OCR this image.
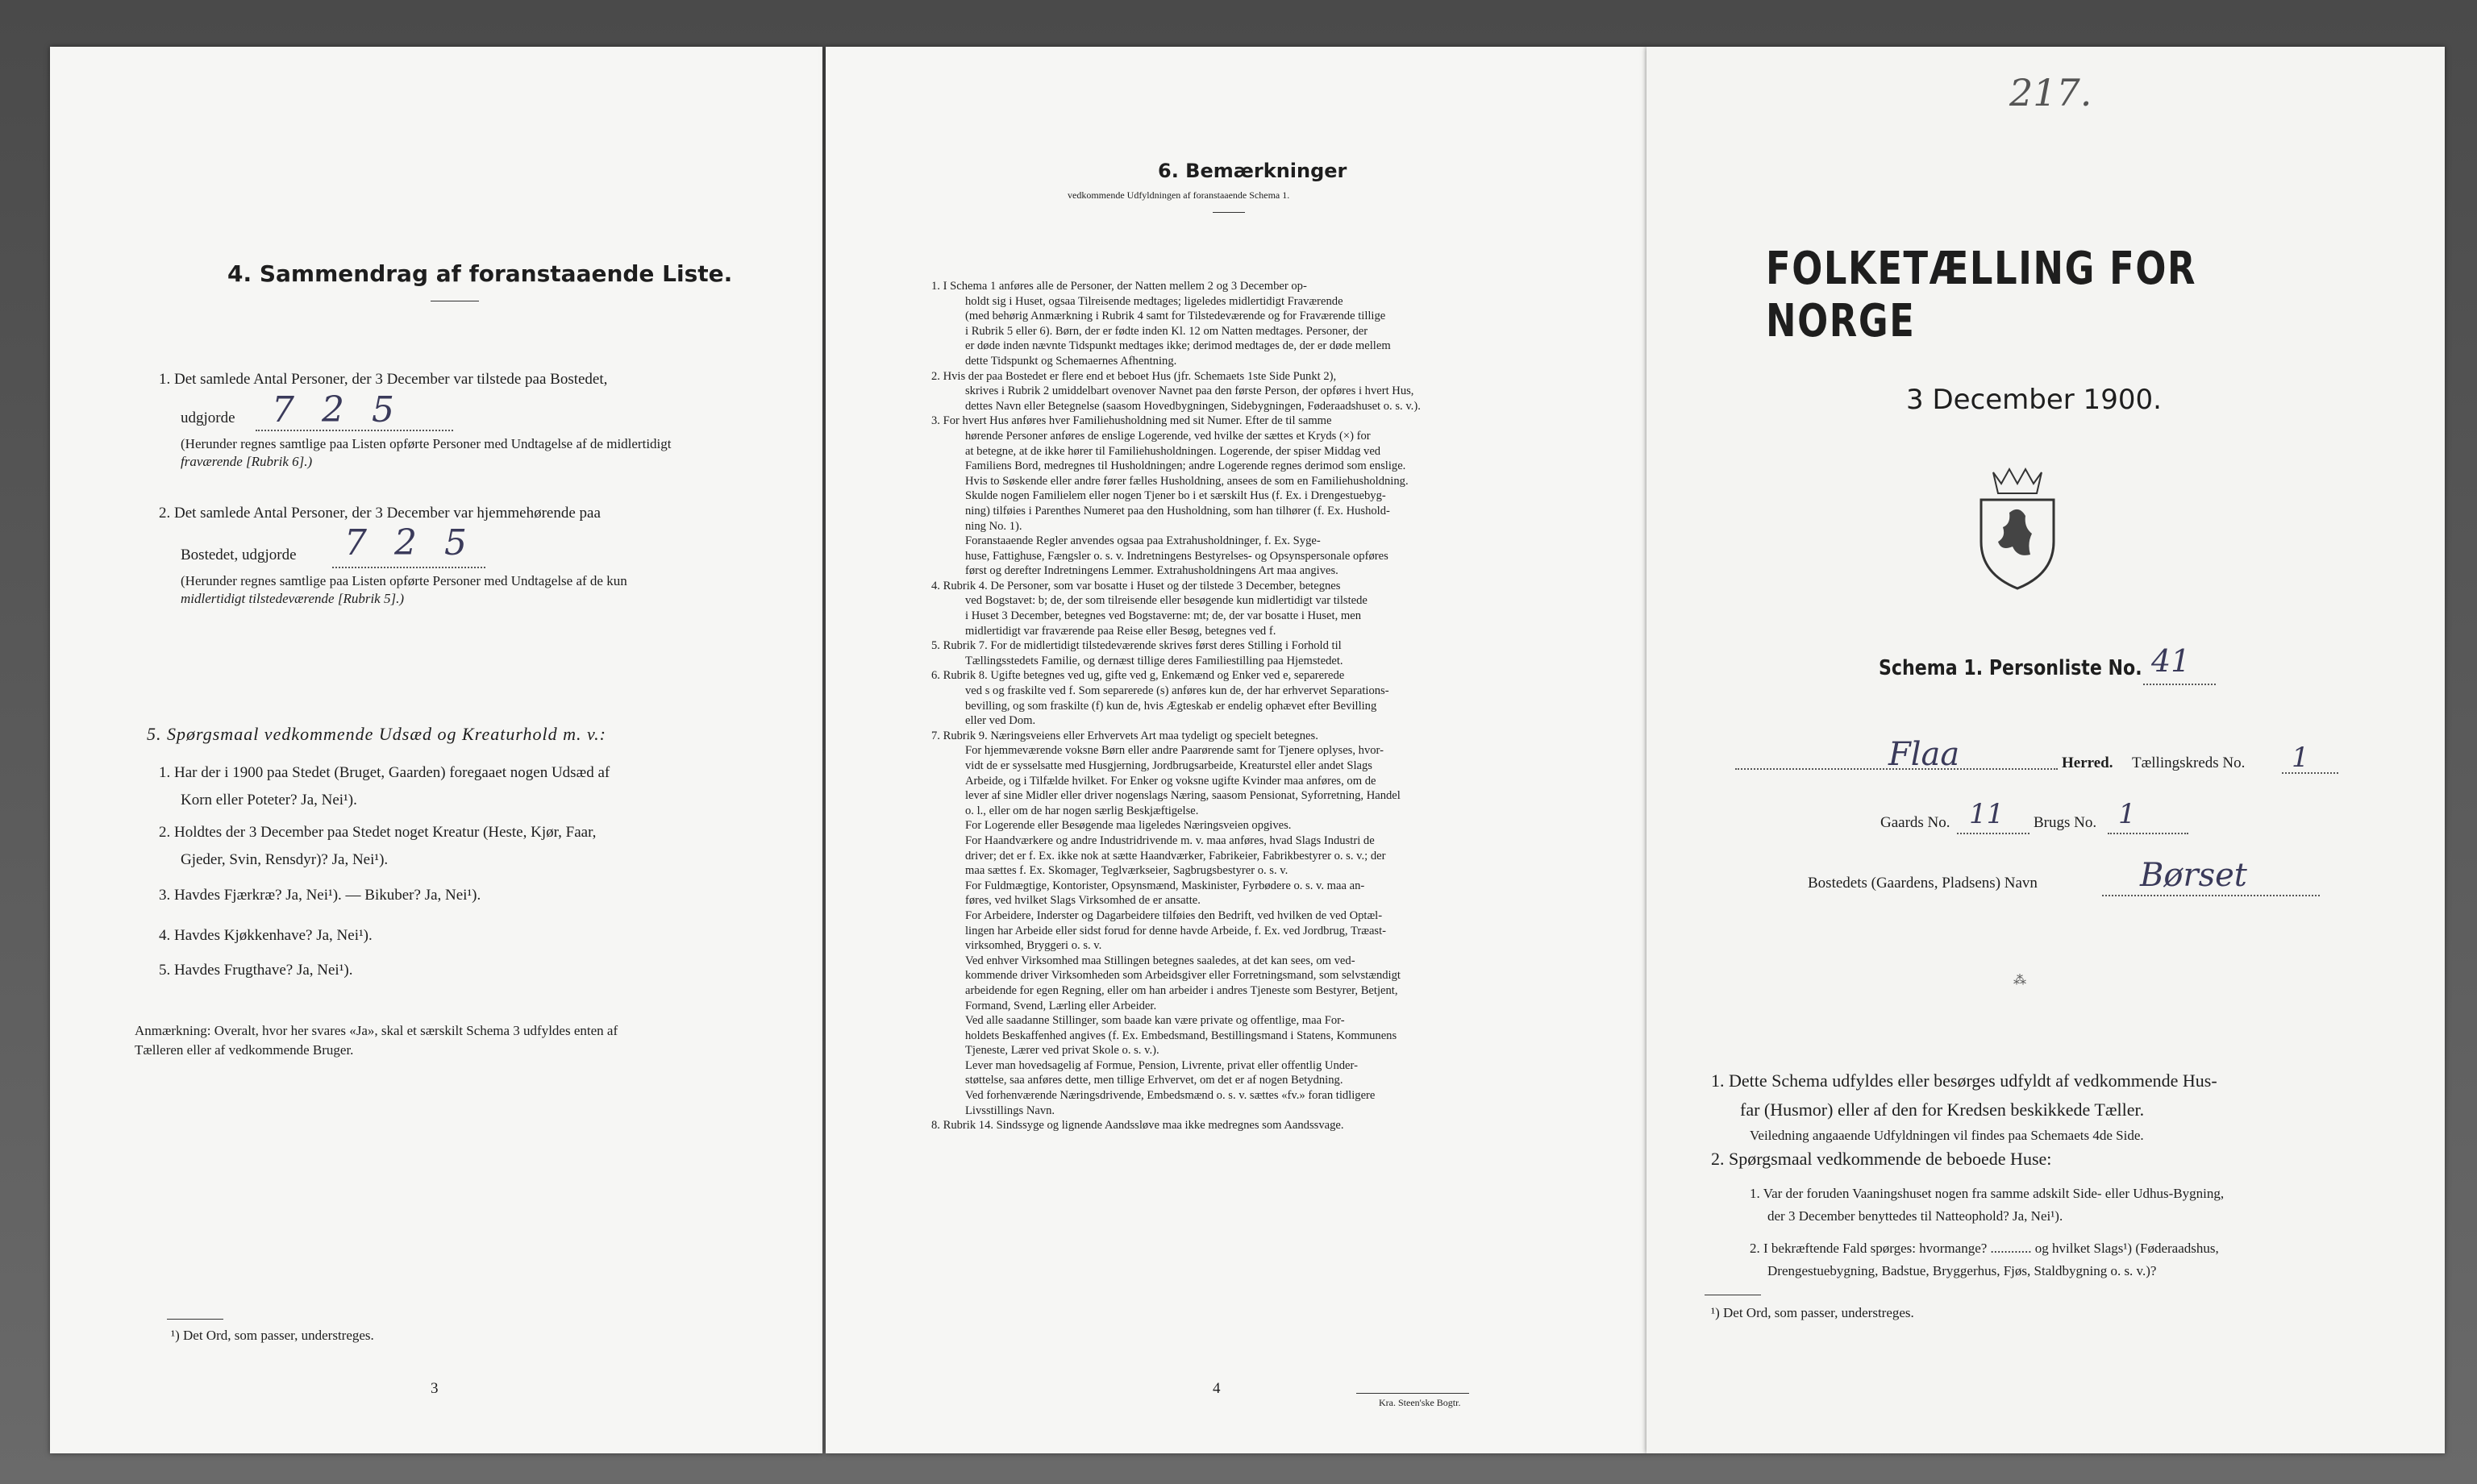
4. Sammendrag af foranstaaende Liste.
1. Det samlede Antal Personer, der 3 December var tilstede paa Bostedet,
udgjorde 7 2 5
(Herunder regnes samtlige paa Listen opførte Personer med Undtagelse af de midlertidigt
fraværende [Rubrik 6].)
2. Det samlede Antal Personer, der 3 December var hjemmehørende paa
Bostedet, udgjorde 7 2 5
(Herunder regnes samtlige paa Listen opførte Personer med Undtagelse af de kun
midlertidigt tilstedeværende [Rubrik 5].)
5. Spørgsmaal vedkommende Udsæd og Kreaturhold m. v.:
1. Har der i 1900 paa Stedet (Bruget, Gaarden) foregaaet nogen Udsæd af
Korn eller Poteter? Ja, Nei¹).
2. Holdtes der 3 December paa Stedet noget Kreatur (Heste, Kjør, Faar,
Gjeder, Svin, Rensdyr)? Ja, Nei¹).
3. Havdes Fjærkræ? Ja, Nei¹). — Bikuber? Ja, Nei¹).
4. Havdes Kjøkkenhave? Ja, Nei¹).
5. Havdes Frugthave? Ja, Nei¹).
Anmærkning: Overalt, hvor her svares «Ja», skal et særskilt Schema 3 udfyldes enten af
Tælleren eller af vedkommende Bruger.
¹) Det Ord, som passer, understreges.
3
6. Bemærkninger
vedkommende Udfyldningen af foranstaaende Schema 1.
1. I Schema 1 anføres alle de Personer, der Natten mellem 2 og 3 December op-
holdt sig i Huset, ogsaa Tilreisende medtages; ligeledes midlertidigt Fraværende
(med behørig Anmærkning i Rubrik 4 samt for Tilstedeværende og for Fraværende tillige
i Rubrik 5 eller 6). Børn, der er fødte inden Kl. 12 om Natten medtages. Personer, der
er døde inden nævnte Tidspunkt medtages ikke; derimod medtages de, der er døde mellem
dette Tidspunkt og Schemaernes Afhentning.
2. Hvis der paa Bostedet er flere end et beboet Hus (jfr. Schemaets 1ste Side Punkt 2),
skrives i Rubrik 2 umiddelbart ovenover Navnet paa den første Person, der opføres i hvert Hus,
dettes Navn eller Betegnelse (saasom Hovedbygningen, Sidebygningen, Føderaadshuset o. s. v.).
3. For hvert Hus anføres hver Familiehusholdning med sit Numer. Efter de til samme
hørende Personer anføres de enslige Logerende, ved hvilke der sættes et Kryds (×) for
at betegne, at de ikke hører til Familiehusholdningen. Logerende, der spiser Middag ved
Familiens Bord, medregnes til Husholdningen; andre Logerende regnes derimod som enslige.
Hvis to Søskende eller andre fører fælles Husholdning, ansees de som en Familiehusholdning.
Skulde nogen Familielem eller nogen Tjener bo i et særskilt Hus (f. Ex. i Drengestuebyg-
ning) tilføies i Parenthes Numeret paa den Husholdning, som han tilhører (f. Ex. Hushold-
ning No. 1).
Foranstaaende Regler anvendes ogsaa paa Extrahusholdninger, f. Ex. Syge-
huse, Fattighuse, Fængsler o. s. v. Indretningens Bestyrelses- og Opsynspersonale opføres
først og derefter Indretningens Lemmer. Extrahusholdningens Art maa angives.
4. Rubrik 4. De Personer, som var bosatte i Huset og der tilstede 3 December, betegnes
ved Bogstavet: b; de, der som tilreisende eller besøgende kun midlertidigt var tilstede
i Huset 3 December, betegnes ved Bogstaverne: mt; de, der var bosatte i Huset, men
midlertidigt var fraværende paa Reise eller Besøg, betegnes ved f.
5. Rubrik 7. For de midlertidigt tilstedeværende skrives først deres Stilling i Forhold til
Tællingsstedets Familie, og dernæst tillige deres Familiestilling paa Hjemstedet.
6. Rubrik 8. Ugifte betegnes ved ug, gifte ved g, Enkemænd og Enker ved e, separerede
ved s og fraskilte ved f. Som separerede (s) anføres kun de, der har erhvervet Separations-
bevilling, og som fraskilte (f) kun de, hvis Ægteskab er endelig ophævet efter Bevilling
eller ved Dom.
7. Rubrik 9. Næringsveiens eller Erhvervets Art maa tydeligt og specielt betegnes.
For hjemmeværende voksne Børn eller andre Paarørende samt for Tjenere oplyses, hvor-
vidt de er sysselsatte med Husgjerning, Jordbrugsarbeide, Kreaturstel eller andet Slags
Arbeide, og i Tilfælde hvilket. For Enker og voksne ugifte Kvinder maa anføres, om de
lever af sine Midler eller driver nogenslags Næring, saasom Pensionat, Syforretning, Handel
o. l., eller om de har nogen særlig Beskjæftigelse.
For Logerende eller Besøgende maa ligeledes Næringsveien opgives.
For Haandværkere og andre Industridrivende m. v. maa anføres, hvad Slags Industri de
driver; det er f. Ex. ikke nok at sætte Haandværker, Fabrikeier, Fabrikbestyrer o. s. v.; der
maa sættes f. Ex. Skomager, Teglværkseier, Sagbrugsbestyrer o. s. v.
For Fuldmægtige, Kontorister, Opsynsmænd, Maskinister, Fyrbødere o. s. v. maa an-
føres, ved hvilket Slags Virksomhed de er ansatte.
For Arbeidere, Inderster og Dagarbeidere tilføies den Bedrift, ved hvilken de ved Optæl-
lingen har Arbeide eller sidst forud for denne havde Arbeide, f. Ex. ved Jordbrug, Træast-
virksomhed, Bryggeri o. s. v.
Ved enhver Virksomhed maa Stillingen betegnes saaledes, at det kan sees, om ved-
kommende driver Virksomheden som Arbeidsgiver eller Forretningsmand, som selvstændigt
arbeidende for egen Regning, eller om han arbeider i andres Tjeneste som Bestyrer, Betjent,
Formand, Svend, Lærling eller Arbeider.
Ved alle saadanne Stillinger, som baade kan være private og offentlige, maa For-
holdets Beskaffenhed angives (f. Ex. Embedsmand, Bestillingsmand i Statens, Kommunens
Tjeneste, Lærer ved privat Skole o. s. v.).
Lever man hovedsagelig af Formue, Pension, Livrente, privat eller offentlig Under-
støttelse, saa anføres dette, men tillige Erhvervet, om det er af nogen Betydning.
Ved forhenværende Næringsdrivende, Embedsmænd o. s. v. sættes «fv.» foran tidligere
Livsstillings Navn.
8. Rubrik 14. Sindssyge og lignende Aandssløve maa ikke medregnes som Aandssvage.
4
Kra. Steen'ske Bogtr.
217.
FOLKETÆLLING FOR NORGE
3 December 1900.
Schema 1. Personliste No. 41
Flaa	Herred. Tællingskreds No. 1
Gaards No. 11 Brugs No. 1
Bostedets (Gaardens, Pladsens) Navn	Børset
⁂
1. Dette Schema udfyldes eller besørges udfyldt af vedkommende Hus-
far (Husmor) eller af den for Kredsen beskikkede Tæller.
Veiledning angaaende Udfyldningen vil findes paa Schemaets 4de Side.
2. Spørgsmaal vedkommende de beboede Huse:
1. Var der foruden Vaaningshuset nogen fra samme adskilt Side- eller Udhus-Bygning,
der 3 December benyttedes til Natteophold? Ja, Nei¹).
2. I bekræftende Fald spørges: hvormange? ............ og hvilket Slags¹) (Føderaadshus,
Drengestuebygning, Badstue, Bryggerhus, Fjøs, Staldbygning o. s. v.)?
¹) Det Ord, som passer, understreges.
